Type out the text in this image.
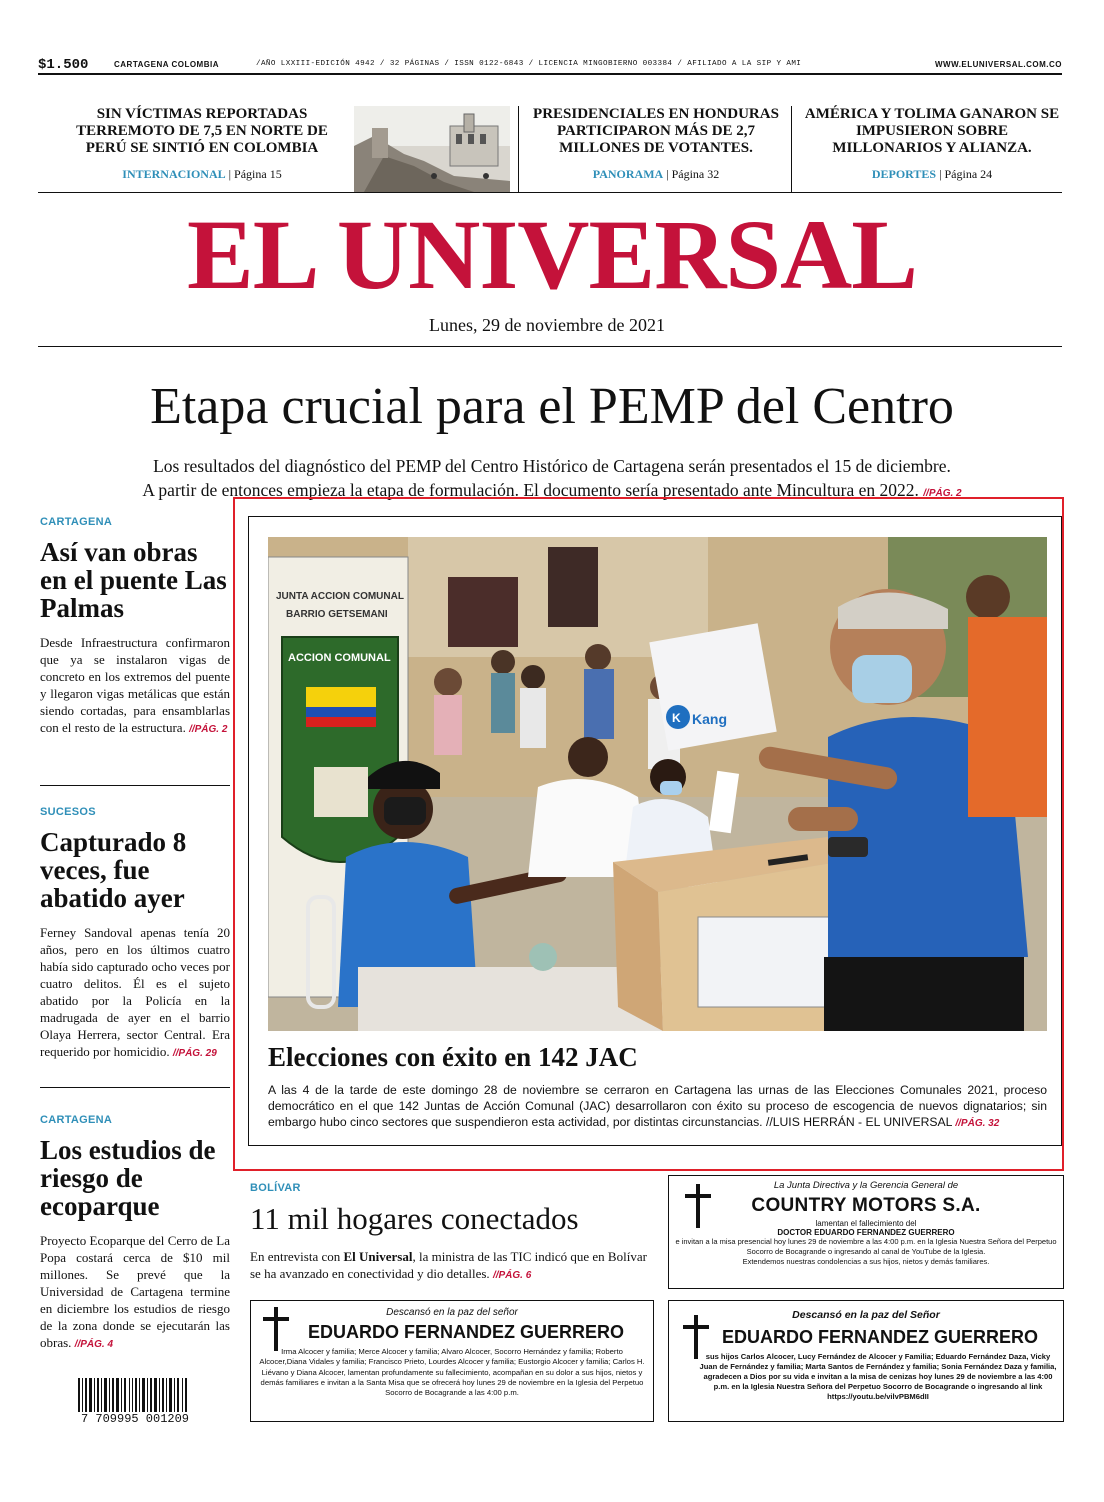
$1.500	CARTAGENA COLOMBIA	/AÑO LXXIII-EDICIÓN 4942 / 32 PÁGINAS / ISSN 0122-6843 / LICENCIA MINGOBIERNO 003384 / AFILIADO A LA SIP Y AMI	WWW.ELUNIVERSAL.COM.CO
SIN VÍCTIMAS REPORTADAS TERREMOTO DE 7,5 EN NORTE DE PERÚ SE SINTIÓ EN COLOMBIA
INTERNACIONAL | Página 15
PRESIDENCIALES EN HONDURAS PARTICIPARON MÁS DE 2,7 MILLONES DE VOTANTES.
PANORAMA | Página 32
AMÉRICA Y TOLIMA GANARON SE IMPUSIERON SOBRE MILLONARIOS Y ALIANZA.
DEPORTES | Página 24
EL UNIVERSAL
Lunes, 29 de noviembre de 2021
Etapa crucial para el PEMP del Centro
Los resultados del diagnóstico del PEMP del Centro Histórico de Cartagena serán presentados el 15 de diciembre.
A partir de entonces empieza la etapa de formulación. El documento sería presentado ante Mincultura en 2022. //PÁG. 2
CARTAGENA
Así van obras en el puente Las Palmas
Desde Infraestructura confirmaron que ya se instalaron vigas de concreto en los extremos del puente y llegaron vigas metálicas que están siendo cortadas, para ensamblarlas con el resto de la estructura. //PÁG. 2
SUCESOS
Capturado 8 veces, fue abatido ayer
Ferney Sandoval apenas tenía 20 años, pero en los últimos cuatro había sido capturado ocho veces por cuatro delitos. Él es el sujeto abatido por la Policía en la madrugada de ayer en el barrio Olaya Herrera, sector Central. Era requerido por homicidio. //PÁG. 29
CARTAGENA
Los estudios de riesgo de ecoparque
Proyecto Ecoparque del Cerro de La Popa costará cerca de $10 mil millones. Se prevé que la Universidad de Cartagena termine en diciembre los estudios de riesgo de la zona donde se ejecutarán las obras. //PÁG. 4
7 709995 001209
K Kang
JUNTA ACCION COMUNAL
BARRIO GETSEMANI
ACCION COMUNAL
Elecciones con éxito en 142 JAC
A las 4 de la tarde de este domingo 28 de noviembre se cerraron en Cartagena las urnas de las Elecciones Comunales 2021, proceso democrático en el que 142 Juntas de Acción Comunal (JAC) desarrollaron con éxito su proceso de escogencia de nuevos dignatarios; sin embargo hubo cinco sectores que suspendieron esta actividad, por distintas circunstancias. //LUIS HERRÁN - EL UNIVERSAL //PÁG. 32
BOLÍVAR
11 mil hogares conectados
En entrevista con El Universal, la ministra de las TIC indicó que en Bolívar se ha avanzado en conectividad y dio detalles. //PÁG. 6
La Junta Directiva y la Gerencia General de
COUNTRY MOTORS S.A.
lamentan el fallecimiento del
DOCTOR EDUARDO FERNANDEZ GUERRERO
e invitan a la misa presencial hoy lunes 29 de noviembre a las 4:00 p.m. en la Iglesia Nuestra Señora del Perpetuo Socorro de Bocagrande o ingresando al canal de YouTube de la Iglesia.
Extendemos nuestras condolencias a sus hijos, nietos y demás familiares.
Descansó en la paz del señor
EDUARDO FERNANDEZ GUERRERO
Irma Alcocer y familia; Merce Alcocer y familia; Alvaro Alcocer, Socorro Hernández y familia; Roberto Alcocer,Diana Vidales y familia; Francisco Prieto, Lourdes Alcocer y familia; Eustorgio Alcocer y familia; Carlos H. Liévano y Diana Alcocer, lamentan profundamente su fallecimiento, acompañan en su dolor a sus hijos, nietos y demás familiares e invitan a la Santa Misa que se ofrecerá hoy lunes 29 de noviembre en la Iglesia del Perpetuo Socorro de Bocagrande a las 4:00 p.m.
Descansó en la paz del Señor
EDUARDO FERNANDEZ GUERRERO
sus hijos Carlos Alcocer, Lucy Fernández de Alcocer y Familia; Eduardo Fernández Daza, Vicky Juan de Fernández y familia; Marta Santos de Fernández y familia; Sonia Fernández Daza y familia, agradecen a Dios por su vida e invitan a la misa de cenizas hoy lunes 29 de noviembre a las 4:00 p.m. en la Iglesia Nuestra Señora del Perpetuo Socorro de Bocagrande o ingresando al link https://youtu.be/vilvPBM6dII
